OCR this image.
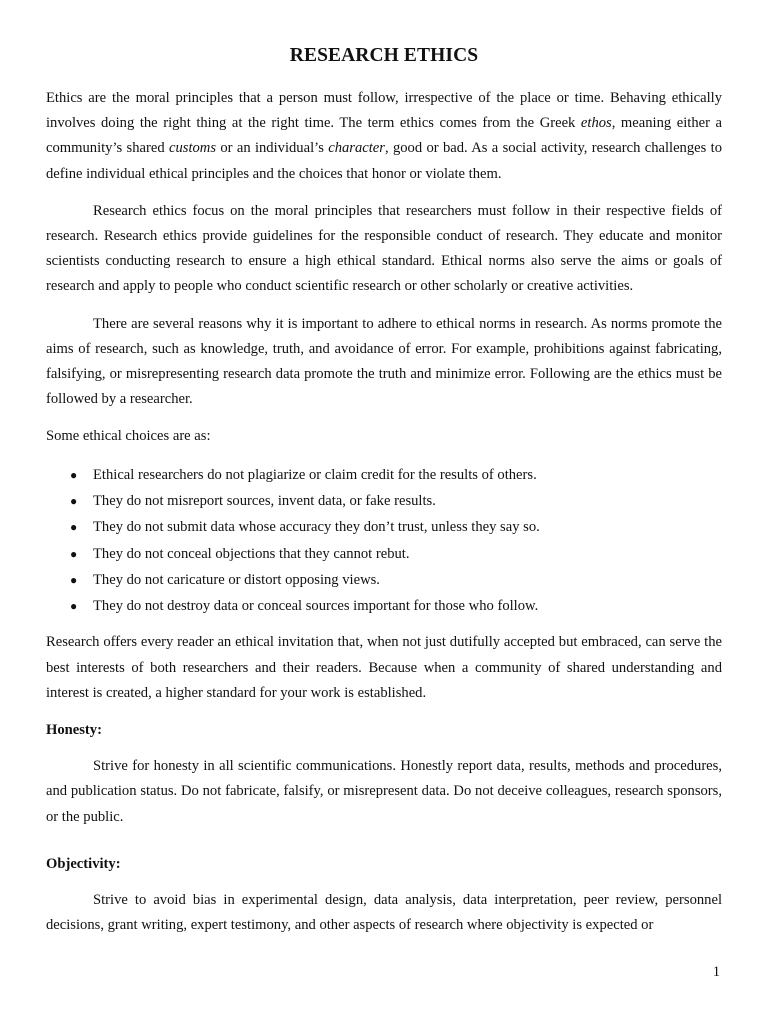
RESEARCH ETHICS

Ethics are the moral principles that a person must follow, irrespective of the place or time. Behaving ethically involves doing the right thing at the right time. The term ethics comes from the Greek ethos, meaning either a community’s shared customs or an individual’s character, good or bad. As a social activity, research challenges to define individual ethical principles and the choices that honor or violate them.

Research ethics focus on the moral principles that researchers must follow in their respective fields of research. Research ethics provide guidelines for the responsible conduct of research. They educate and monitor scientists conducting research to ensure a high ethical standard. Ethical norms also serve the aims or goals of research and apply to people who conduct scientific research or other scholarly or creative activities.

There are several reasons why it is important to adhere to ethical norms in research. As norms promote the aims of research, such as knowledge, truth, and avoidance of error. For example, prohibitions against fabricating, falsifying, or misrepresenting research data promote the truth and minimize error. Following are the ethics must be followed by a researcher.

Some ethical choices are as:

● Ethical researchers do not plagiarize or claim credit for the results of others.
● They do not misreport sources, invent data, or fake results.
● They do not submit data whose accuracy they don’t trust, unless they say so.
● They do not conceal objections that they cannot rebut.
● They do not caricature or distort opposing views.
● They do not destroy data or conceal sources important for those who follow.

Research offers every reader an ethical invitation that, when not just dutifully accepted but embraced, can serve the best interests of both researchers and their readers. Because when a community of shared understanding and interest is created, a higher standard for your work is established.

Honesty:

Strive for honesty in all scientific communications. Honestly report data, results, methods and procedures, and publication status. Do not fabricate, falsify, or misrepresent data. Do not deceive colleagues, research sponsors, or the public.

Objectivity:

Strive to avoid bias in experimental design, data analysis, data interpretation, peer review, personnel decisions, grant writing, expert testimony, and other aspects of research where objectivity is expected or

1
